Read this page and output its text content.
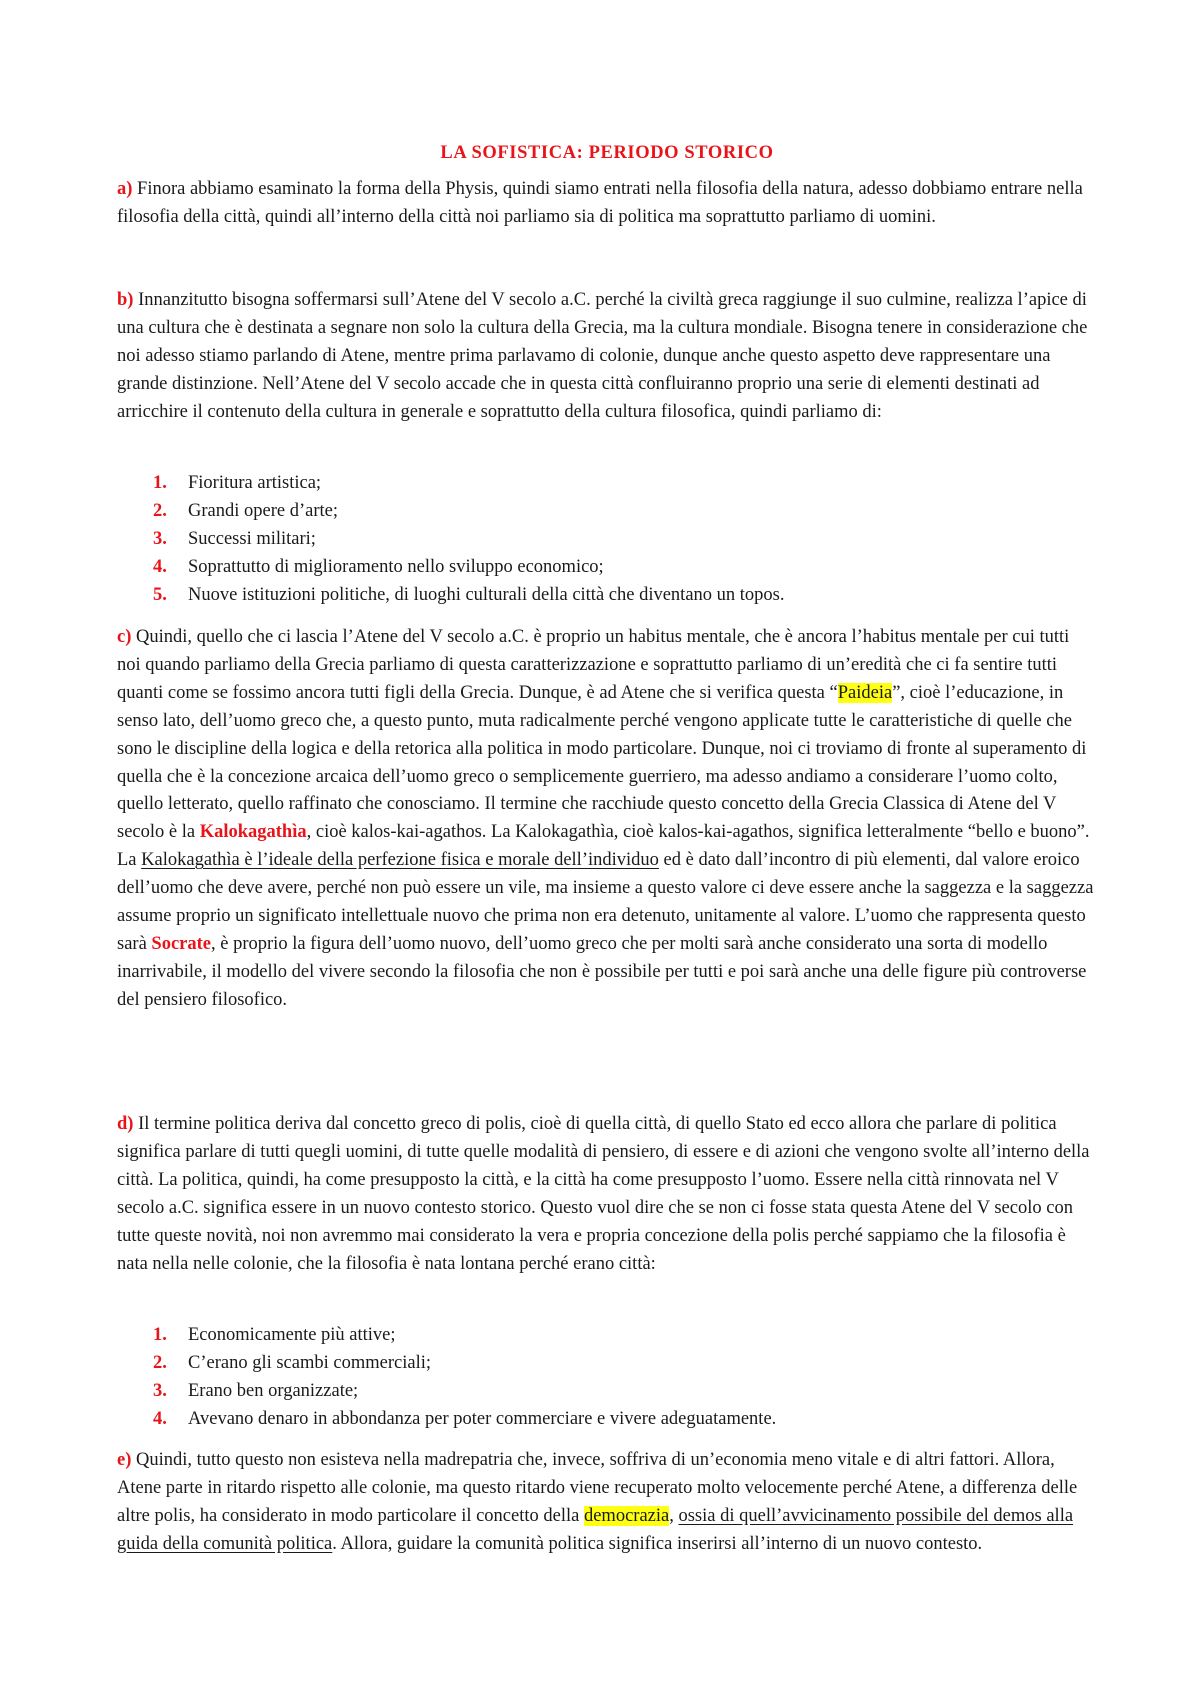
LA SOFISTICA: PERIODO STORICO

a) Finora abbiamo esaminato la forma della Physis, quindi siamo entrati nella filosofia della natura, adesso dobbiamo entrare nella filosofia della città, quindi all’interno della città noi parliamo sia di politica ma soprattutto parliamo di uomini.

b) Innanzitutto bisogna soffermarsi sull’Atene del V secolo a.C. perché la civiltà greca raggiunge il suo culmine, realizza l’apice di una cultura che è destinata a segnare non solo la cultura della Grecia, ma la cultura mondiale. Bisogna tenere in considerazione che noi adesso stiamo parlando di Atene, mentre prima parlavamo di colonie, dunque anche questo aspetto deve rappresentare una grande distinzione. Nell’Atene del V secolo accade che in questa città confluiranno proprio una serie di elementi destinati ad arricchire il contenuto della cultura in generale e soprattutto della cultura filosofica, quindi parliamo di:

1. Fioritura artistica;
2. Grandi opere d’arte;
3. Successi militari;
4. Soprattutto di miglioramento nello sviluppo economico;
5. Nuove istituzioni politiche, di luoghi culturali della città che diventano un topos.

c) Quindi, quello che ci lascia l’Atene del V secolo a.C. è proprio un habitus mentale, che è ancora l’habitus mentale per cui tutti noi quando parliamo della Grecia parliamo di questa caratterizzazione e soprattutto parliamo di un’eredità che ci fa sentire tutti quanti come se fossimo ancora tutti figli della Grecia. Dunque, è ad Atene che si verifica questa “Paideia”, cioè l’educazione, in senso lato, dell’uomo greco che, a questo punto, muta radicalmente perché vengono applicate tutte le caratteristiche di quelle che sono le discipline della logica e della retorica alla politica in modo particolare. Dunque, noi ci troviamo di fronte al superamento di quella che è la concezione arcaica dell’uomo greco o semplicemente guerriero, ma adesso andiamo a considerare l’uomo colto, quello letterato, quello raffinato che conosciamo. Il termine che racchiude questo concetto della Grecia Classica di Atene del V secolo è la Kalokagathìa, cioè kalos-kai-agathos. La Kalokagathìa, cioè kalos-kai-agathos, significa letteralmente “bello e buono”. La Kalokagathìa è l’ideale della perfezione fisica e morale dell’individuo ed è dato dall’incontro di più elementi, dal valore eroico dell’uomo che deve avere, perché non può essere un vile, ma insieme a questo valore ci deve essere anche la saggezza e la saggezza assume proprio un significato intellettuale nuovo che prima non era detenuto, unitamente al valore. L’uomo che rappresenta questo sarà Socrate, è proprio la figura dell’uomo nuovo, dell’uomo greco che per molti sarà anche considerato una sorta di modello inarrivabile, il modello del vivere secondo la filosofia che non è possibile per tutti e poi sarà anche una delle figure più controverse del pensiero filosofico.

d) Il termine politica deriva dal concetto greco di polis, cioè di quella città, di quello Stato ed ecco allora che parlare di politica significa parlare di tutti quegli uomini, di tutte quelle modalità di pensiero, di essere e di azioni che vengono svolte all’interno della città. La politica, quindi, ha come presupposto la città, e la città ha come presupposto l’uomo. Essere nella città rinnovata nel V secolo a.C. significa essere in un nuovo contesto storico. Questo vuol dire che se non ci fosse stata questa Atene del V secolo con tutte queste novità, noi non avremmo mai considerato la vera e propria concezione della polis perché sappiamo che la filosofia è nata nella nelle colonie, che la filosofia è nata lontana perché erano città:

1. Economicamente più attive;
2. C’erano gli scambi commerciali;
3. Erano ben organizzate;
4. Avevano denaro in abbondanza per poter commerciare e vivere adeguatamente.

e) Quindi, tutto questo non esisteva nella madrepatria che, invece, soffriva di un’economia meno vitale e di altri fattori. Allora, Atene parte in ritardo rispetto alle colonie, ma questo ritardo viene recuperato molto velocemente perché Atene, a differenza delle altre polis, ha considerato in modo particolare il concetto della democrazia, ossia di quell’avvicinamento possibile del demos alla guida della comunità politica. Allora, guidare la comunità politica significa inserirsi all’interno di un nuovo contesto.
